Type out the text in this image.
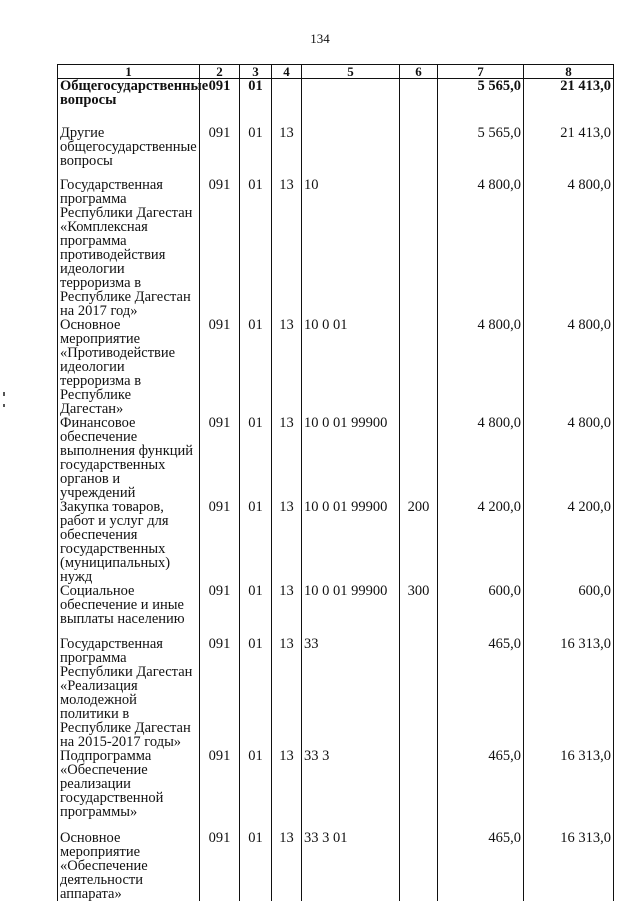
134
1	2	3	4	5	6	7	8
Общегосударственные вопросы	091	01				5 565,0	21 413,0
Другие общегосударственные вопросы	091	01	13			5 565,0	21 413,0
Государственная программа Республики Дагестан «Комплексная программа противодействия идеологии терроризма в Республике Дагестан на 2017 год»	091	01	13	10		4 800,0	4 800,0
Основное мероприятие «Противодействие идеологии терроризма в Республике Дагестан»	091	01	13	10 0 01		4 800,0	4 800,0
Финансовое обеспечение выполнения функций государственных органов и учреждений	091	01	13	10 0 01 99900		4 800,0	4 800,0
Закупка товаров, работ и услуг для обеспечения государственных (муниципальных) нужд	091	01	13	10 0 01 99900	200	4 200,0	4 200,0
Социальное обеспечение и иные выплаты населению	091	01	13	10 0 01 99900	300	600,0	600,0
Государственная программа Республики Дагестан «Реализация молодежной политики в Республике Дагестан на 2015-2017 годы»	091	01	13	33		465,0	16 313,0
Подпрограмма «Обеспечение реализации государственной программы»	091	01	13	33 3		465,0	16 313,0
Основное мероприятие «Обеспечение деятельности аппарата»	091	01	13	33 3 01		465,0	16 313,0
